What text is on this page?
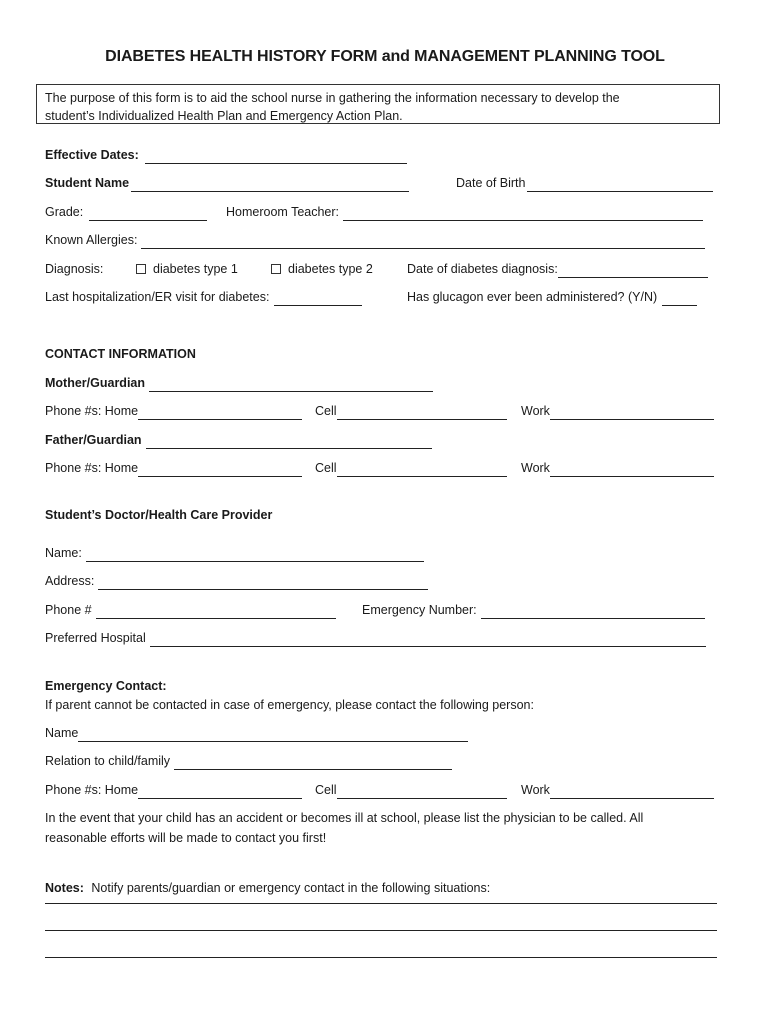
DIABETES HEALTH HISTORY FORM and MANAGEMENT PLANNING TOOL
The purpose of this form is to aid the school nurse in gathering the information necessary to develop the
student’s Individualized Health Plan and Emergency Action Plan.
Effective Dates:
Student Name	Date of Birth
Grade:	Homeroom Teacher:
Known Allergies:
Diagnosis:	diabetes type 1	diabetes type 2	Date of diabetes diagnosis:
Last hospitalization/ER visit for diabetes:	Has glucagon ever been administered? (Y/N)
CONTACT INFORMATION
Mother/Guardian
Phone #s: Home	Cell	Work
Father/Guardian
Phone #s: Home	Cell	Work
Student’s Doctor/Health Care Provider
Name:
Address:
Phone #	Emergency Number:
Preferred Hospital
Emergency Contact:
If parent cannot be contacted in case of emergency, please contact the following person:
Name
Relation to child/family
Phone #s: Home	Cell	Work
In the event that your child has an accident or becomes ill at school, please list the physician to be called. All
reasonable efforts will be made to contact you first!
Notes: Notify parents/guardian or emergency contact in the following situations:
